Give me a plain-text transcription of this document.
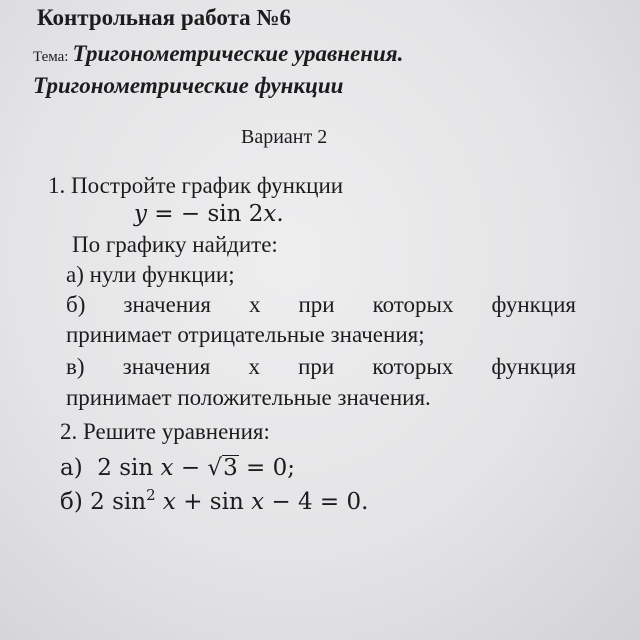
Контрольная работа №6
Тема: Тригонометрические уравнения.
Тригонометрические функции
Вариант 2
1. Постройте график функции
y = − sin 2x.
По графику найдите:
а) нули функции;
б) значения х при которых функция
принимает отрицательные значения;
в) значения х при которых функция
принимает положительные значения.
2. Решите уравнения:
а)  2 sin x − √3 = 0;
б) 2 $\sin^2 x + \sin x - 4 = 0$.
